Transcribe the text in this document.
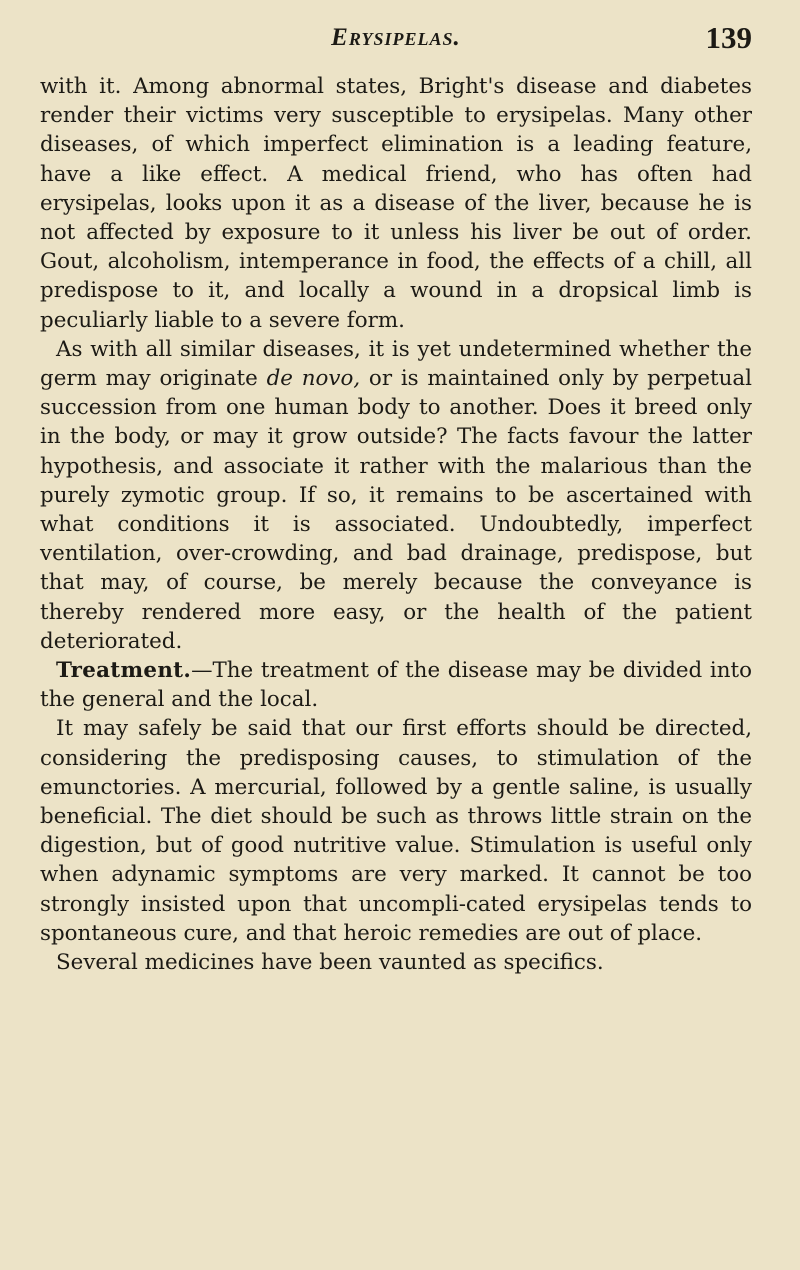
Erysipelas.	139

with it. Among abnormal states, Bright's disease and diabetes render their victims very susceptible to erysipelas. Many other diseases, of which imperfect elimination is a leading feature, have a like effect. A medical friend, who has often had erysipelas, looks upon it as a disease of the liver, because he is not affected by exposure to it unless his liver be out of order. Gout, alcoholism, intemperance in food, the effects of a chill, all predispose to it, and locally a wound in a dropsical limb is peculiarly liable to a severe form.

As with all similar diseases, it is yet undetermined whether the germ may originate de novo, or is maintained only by perpetual succession from one human body to another. Does it breed only in the body, or may it grow outside? The facts favour the latter hypothesis, and associate it rather with the malarious than the purely zymotic group. If so, it remains to be ascertained with what conditions it is associated. Undoubtedly, imperfect ventilation, over-crowding, and bad drainage, predispose, but that may, of course, be merely because the conveyance is thereby rendered more easy, or the health of the patient deteriorated.

Treatment.—The treatment of the disease may be divided into the general and the local.

It may safely be said that our first efforts should be directed, considering the predisposing causes, to stimulation of the emunctories. A mercurial, followed by a gentle saline, is usually beneficial. The diet should be such as throws little strain on the digestion, but of good nutritive value. Stimulation is useful only when adynamic symptoms are very marked. It cannot be too strongly insisted upon that uncompli-cated erysipelas tends to spontaneous cure, and that heroic remedies are out of place.

Several medicines have been vaunted as specifics.
